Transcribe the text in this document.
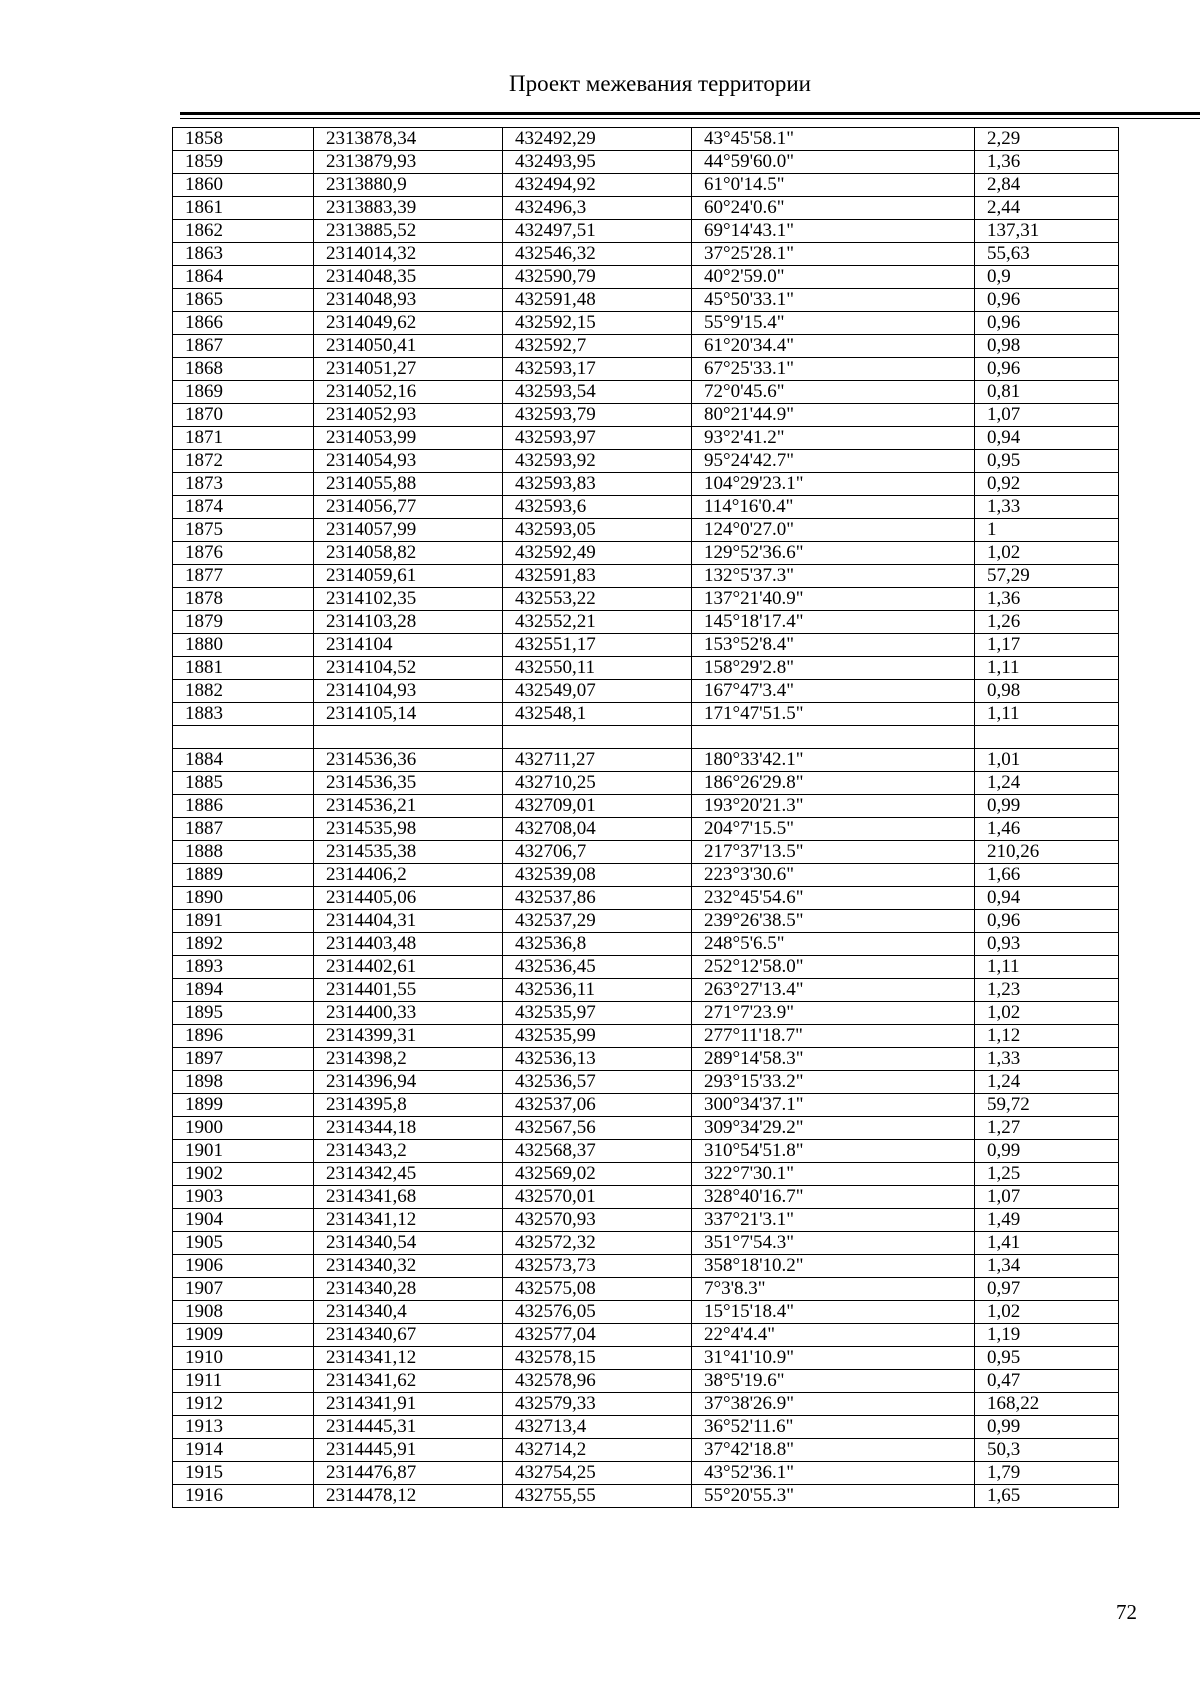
Проект межевания территории
1858	2313878,34	432492,29	43°45'58.1"	2,29
1859	2313879,93	432493,95	44°59'60.0"	1,36
1860	2313880,9	432494,92	61°0'14.5"	2,84
1861	2313883,39	432496,3	60°24'0.6"	2,44
1862	2313885,52	432497,51	69°14'43.1"	137,31
1863	2314014,32	432546,32	37°25'28.1"	55,63
1864	2314048,35	432590,79	40°2'59.0"	0,9
1865	2314048,93	432591,48	45°50'33.1"	0,96
1866	2314049,62	432592,15	55°9'15.4"	0,96
1867	2314050,41	432592,7	61°20'34.4"	0,98
1868	2314051,27	432593,17	67°25'33.1"	0,96
1869	2314052,16	432593,54	72°0'45.6"	0,81
1870	2314052,93	432593,79	80°21'44.9"	1,07
1871	2314053,99	432593,97	93°2'41.2"	0,94
1872	2314054,93	432593,92	95°24'42.7"	0,95
1873	2314055,88	432593,83	104°29'23.1"	0,92
1874	2314056,77	432593,6	114°16'0.4"	1,33
1875	2314057,99	432593,05	124°0'27.0"	1
1876	2314058,82	432592,49	129°52'36.6"	1,02
1877	2314059,61	432591,83	132°5'37.3"	57,29
1878	2314102,35	432553,22	137°21'40.9"	1,36
1879	2314103,28	432552,21	145°18'17.4"	1,26
1880	2314104	432551,17	153°52'8.4"	1,17
1881	2314104,52	432550,11	158°29'2.8"	1,11
1882	2314104,93	432549,07	167°47'3.4"	0,98
1883	2314105,14	432548,1	171°47'51.5"	1,11

1884	2314536,36	432711,27	180°33'42.1"	1,01
1885	2314536,35	432710,25	186°26'29.8"	1,24
1886	2314536,21	432709,01	193°20'21.3"	0,99
1887	2314535,98	432708,04	204°7'15.5"	1,46
1888	2314535,38	432706,7	217°37'13.5"	210,26
1889	2314406,2	432539,08	223°3'30.6"	1,66
1890	2314405,06	432537,86	232°45'54.6"	0,94
1891	2314404,31	432537,29	239°26'38.5"	0,96
1892	2314403,48	432536,8	248°5'6.5"	0,93
1893	2314402,61	432536,45	252°12'58.0"	1,11
1894	2314401,55	432536,11	263°27'13.4"	1,23
1895	2314400,33	432535,97	271°7'23.9"	1,02
1896	2314399,31	432535,99	277°11'18.7"	1,12
1897	2314398,2	432536,13	289°14'58.3"	1,33
1898	2314396,94	432536,57	293°15'33.2"	1,24
1899	2314395,8	432537,06	300°34'37.1"	59,72
1900	2314344,18	432567,56	309°34'29.2"	1,27
1901	2314343,2	432568,37	310°54'51.8"	0,99
1902	2314342,45	432569,02	322°7'30.1"	1,25
1903	2314341,68	432570,01	328°40'16.7"	1,07
1904	2314341,12	432570,93	337°21'3.1"	1,49
1905	2314340,54	432572,32	351°7'54.3"	1,41
1906	2314340,32	432573,73	358°18'10.2"	1,34
1907	2314340,28	432575,08	7°3'8.3"	0,97
1908	2314340,4	432576,05	15°15'18.4"	1,02
1909	2314340,67	432577,04	22°4'4.4"	1,19
1910	2314341,12	432578,15	31°41'10.9"	0,95
1911	2314341,62	432578,96	38°5'19.6"	0,47
1912	2314341,91	432579,33	37°38'26.9"	168,22
1913	2314445,31	432713,4	36°52'11.6"	0,99
1914	2314445,91	432714,2	37°42'18.8"	50,3
1915	2314476,87	432754,25	43°52'36.1"	1,79
1916	2314478,12	432755,55	55°20'55.3"	1,65
72
